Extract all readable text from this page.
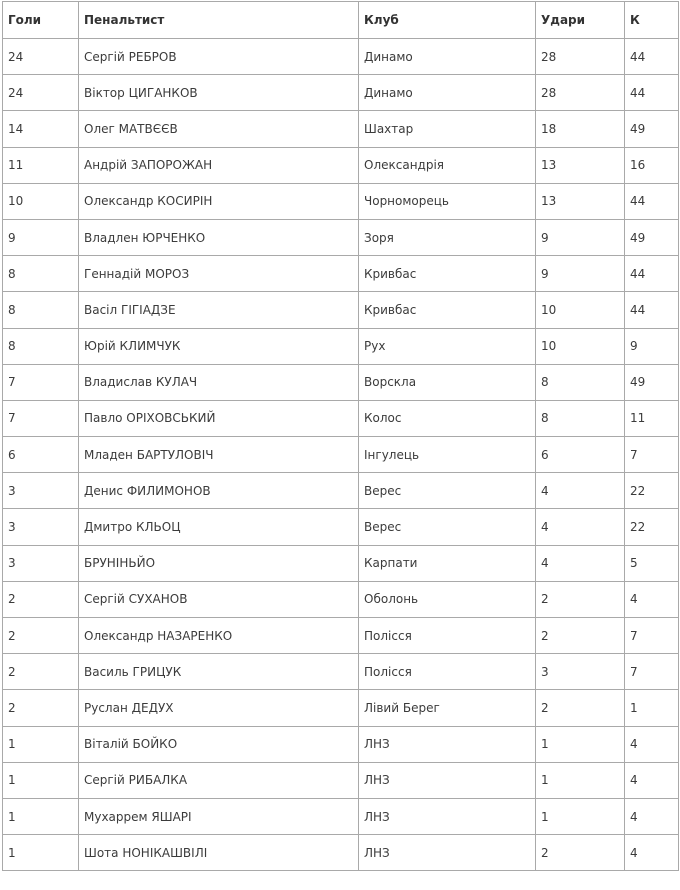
Голи	Пенальтист	Клуб	Удари	К
24	Сергій РЕБРОВ	Динамо	28	44
24	Віктор ЦИГАНКОВ	Динамо	28	44
14	Олег МАТВЄЄВ	Шахтар	18	49
11	Андрій ЗАПОРОЖАН	Олександрія	13	16
10	Олександр КОСИРІН	Чорноморець	13	44
9	Владлен ЮРЧЕНКО	Зоря	9	49
8	Геннадій МОРОЗ	Кривбас	9	44
8	Васіл ГІГІАДЗЕ	Кривбас	10	44
8	Юрій КЛИМЧУК	Рух	10	9
7	Владислав КУЛАЧ	Ворскла	8	49
7	Павло ОРІХОВСЬКИЙ	Колос	8	11
6	Младен БАРТУЛОВІЧ	Інгулець	6	7
3	Денис ФИЛИМОНОВ	Верес	4	22
3	Дмитро КЛЬОЦ	Верес	4	22
3	БРУНІНЬЙО	Карпати	4	5
2	Сергій СУХАНОВ	Оболонь	2	4
2	Олександр НАЗАРЕНКО	Полісся	2	7
2	Василь ГРИЦУК	Полісся	3	7
2	Руслан ДЕДУХ	Лівий Берег	2	1
1	Віталій БОЙКО	ЛНЗ	1	4
1	Сергій РИБАЛКА	ЛНЗ	1	4
1	Мухаррем ЯШАРІ	ЛНЗ	1	4
1	Шота НОНІКАШВІЛІ	ЛНЗ	2	4
